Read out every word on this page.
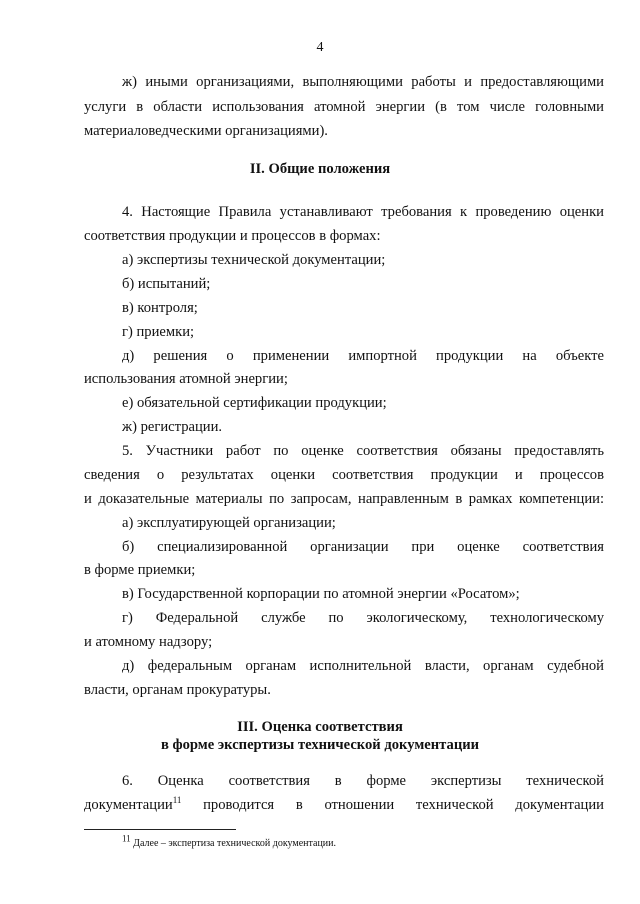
4
ж) иными организациями, выполняющими работы и предоставляющими
услуги в области использования атомной энергии (в том числе головными
материаловедческими организациями).
II. Общие положения
4. Настоящие Правила устанавливают требования к проведению оценки
соответствия продукции и процессов в формах:
а) экспертизы технической документации;
б) испытаний;
в) контроля;
г) приемки;
д) решения о применении импортной продукции на объекте
использования атомной энергии;
е) обязательной сертификации продукции;
ж) регистрации.
5. Участники работ по оценке соответствия обязаны предоставлять
сведения о результатах оценки соответствия продукции и процессов
и доказательные материалы по запросам, направленным в рамках компетенции:
а) эксплуатирующей организации;
б) специализированной организации при оценке соответствия
в форме приемки;
в) Государственной корпорации по атомной энергии «Росатом»;
г) Федеральной службе по экологическому, технологическому
и атомному надзору;
д) федеральным органам исполнительной власти, органам судебной
власти, органам прокуратуры.
III. Оценка соответствия
в форме экспертизы технической документации
6. Оценка соответствия в форме экспертизы технической
документации$^{11}$ проводится в отношении технической документации
$^{11}$ Далее – экспертиза технической документации.
